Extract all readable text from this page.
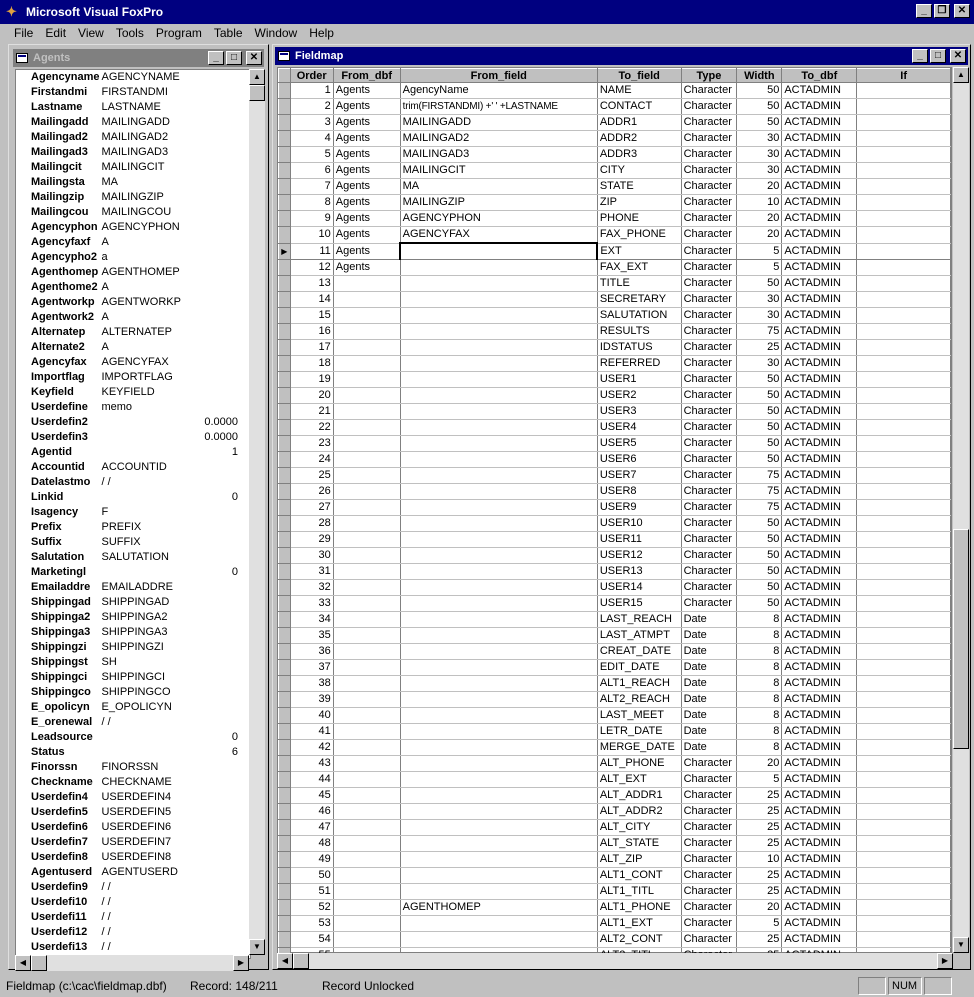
✦ Microsoft Visual FoxPro	_	❐	✕
File	Edit	View	Tools	Program	Table	Window	Help
Agents	_	□	✕
Agencyname	AGENCYNAME
Firstandmi	FIRSTANDMI
Lastname	LASTNAME
Mailingadd	MAILINGADD
Mailingad2	MAILINGAD2
Mailingad3	MAILINGAD3
Mailingcit	MAILINGCIT
Mailingsta	MA
Mailingzip	MAILINGZIP
Mailingcou	MAILINGCOU
Agencyphon	AGENCYPHON
Agencyfaxf	A
Agencypho2	a
Agenthomep	AGENTHOMEP
Agenthome2	A
Agentworkp	AGENTWORKP
Agentwork2	A
Alternatep	ALTERNATEP
Alternate2	A
Agencyfax	AGENCYFAX
Importflag	IMPORTFLAG
Keyfield	KEYFIELD
Userdefine	memo
Userdefin2	0.0000
Userdefin3	0.0000
Agentid	1
Accountid	ACCOUNTID
Datelastmo	/ /
Linkid	0
Isagency	F
Prefix	PREFIX
Suffix	SUFFIX
Salutation	SALUTATION
Marketingl	0
Emailaddre	EMAILADDRE
Shippingad	SHIPPINGAD
Shippinga2	SHIPPINGA2
Shippinga3	SHIPPINGA3
Shippingzi	SHIPPINGZI
Shippingst	SH
Shippingci	SHIPPINGCI
Shippingco	SHIPPINGCO
E_opolicyn	E_OPOLICYN
E_orenewal	/ /
Leadsource	0
Status	6
Finorssn	FINORSSN
Checkname	CHECKNAME
Userdefin4	USERDEFIN4
Userdefin5	USERDEFIN5
Userdefin6	USERDEFIN6
Userdefin7	USERDEFIN7
Userdefin8	USERDEFIN8
Agentuserd	AGENTUSERD
Userdefin9	/ /
Userdefi10	/ /
Userdefi11	/ /
Userdefi12	/ /
Userdefi13	/ /
▲
▼
◀	▶
Fieldmap	_	□	✕
	Order	From_dbf	From_field	To_field	Type	Width	To_dbf	If
	1	Agents	AgencyName	NAME	Character	50	ACTADMIN	
	2	Agents	trim(FIRSTANDMI) +' ' +LASTNAME	CONTACT	Character	50	ACTADMIN	
	3	Agents	MAILINGADD	ADDR1	Character	50	ACTADMIN	
	4	Agents	MAILINGAD2	ADDR2	Character	30	ACTADMIN	
	5	Agents	MAILINGAD3	ADDR3	Character	30	ACTADMIN	
	6	Agents	MAILINGCIT	CITY	Character	30	ACTADMIN	
	7	Agents	MA	STATE	Character	20	ACTADMIN	
	8	Agents	MAILINGZIP	ZIP	Character	10	ACTADMIN	
	9	Agents	AGENCYPHON	PHONE	Character	20	ACTADMIN	
	10	Agents	AGENCYFAX	FAX_PHONE	Character	20	ACTADMIN	
▶	11	Agents		EXT	Character	5	ACTADMIN	
	12	Agents		FAX_EXT	Character	5	ACTADMIN	
	13			TITLE	Character	50	ACTADMIN	
	14			SECRETARY	Character	30	ACTADMIN	
	15			SALUTATION	Character	30	ACTADMIN	
	16			RESULTS	Character	75	ACTADMIN	
	17			IDSTATUS	Character	25	ACTADMIN	
	18			REFERRED	Character	30	ACTADMIN	
	19			USER1	Character	50	ACTADMIN	
	20			USER2	Character	50	ACTADMIN	
	21			USER3	Character	50	ACTADMIN	
	22			USER4	Character	50	ACTADMIN	
	23			USER5	Character	50	ACTADMIN	
	24			USER6	Character	50	ACTADMIN	
	25			USER7	Character	75	ACTADMIN	
	26			USER8	Character	75	ACTADMIN	
	27			USER9	Character	75	ACTADMIN	
	28			USER10	Character	50	ACTADMIN	
	29			USER11	Character	50	ACTADMIN	
	30			USER12	Character	50	ACTADMIN	
	31			USER13	Character	50	ACTADMIN	
	32			USER14	Character	50	ACTADMIN	
	33			USER15	Character	50	ACTADMIN	
	34			LAST_REACH	Date	8	ACTADMIN	
	35			LAST_ATMPT	Date	8	ACTADMIN	
	36			CREAT_DATE	Date	8	ACTADMIN	
	37			EDIT_DATE	Date	8	ACTADMIN	
	38			ALT1_REACH	Date	8	ACTADMIN	
	39			ALT2_REACH	Date	8	ACTADMIN	
	40			LAST_MEET	Date	8	ACTADMIN	
	41			LETR_DATE	Date	8	ACTADMIN	
	42			MERGE_DATE	Date	8	ACTADMIN	
	43			ALT_PHONE	Character	20	ACTADMIN	
	44			ALT_EXT	Character	5	ACTADMIN	
	45			ALT_ADDR1	Character	25	ACTADMIN	
	46			ALT_ADDR2	Character	25	ACTADMIN	
	47			ALT_CITY	Character	25	ACTADMIN	
	48			ALT_STATE	Character	25	ACTADMIN	
	49			ALT_ZIP	Character	10	ACTADMIN	
	50			ALT1_CONT	Character	25	ACTADMIN	
	51			ALT1_TITL	Character	25	ACTADMIN	
	52		AGENTHOMEP	ALT1_PHONE	Character	20	ACTADMIN	
	53			ALT1_EXT	Character	5	ACTADMIN	
	54			ALT2_CONT	Character	25	ACTADMIN	

▲
▼
◀	▶
Fieldmap (c:\cac\fieldmap.dbf) Record: 148/211	Record Unlocked	NUM
